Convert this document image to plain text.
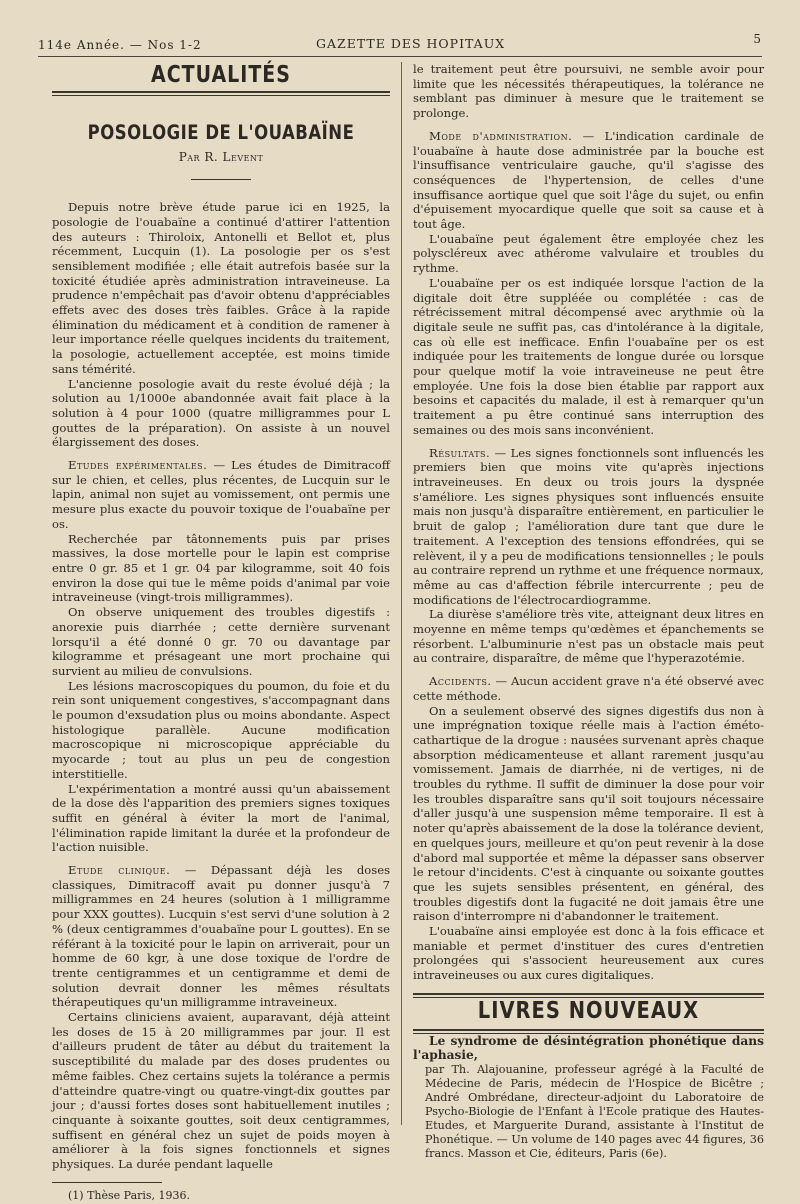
114e Année. — Nos 1-2	GAZETTE DES HOPITAUX	5
ACTUALITÉS
POSOLOGIE DE L'OUABAÏNE
Par R. Levent

Depuis notre brève étude parue ici en 1925, la posologie de l'ouabaïne a continué d'attirer l'attention des auteurs : Thiroloix, Antonelli et Bellot et, plus récemment, Lucquin (1). La posologie per os s'est sensiblement modifiée ; elle était autrefois basée sur la toxicité étudiée après administration intraveineuse. La prudence n'empêchait pas d'avoir obtenu d'appréciables effets avec des doses très faibles. Grâce à la rapide élimination du médicament et à condition de ramener à leur importance réelle quelques incidents du traitement, la posologie, actuellement acceptée, est moins timide sans témérité.

L'ancienne posologie avait du reste évolué déjà ; la solution au 1/1000e abandonnée avait fait place à la solution à 4 pour 1000 (quatre milligrammes pour L gouttes de la préparation). On assiste à un nouvel élargissement des doses.

Etudes expérimentales. — Les études de Dimitracoff sur le chien, et celles, plus récentes, de Lucquin sur le lapin, animal non sujet au vomissement, ont permis une mesure plus exacte du pouvoir toxique de l'ouabaïne per os.

Recherchée par tâtonnements puis par prises massives, la dose mortelle pour le lapin est comprise entre 0 gr. 85 et 1 gr. 04 par kilogramme, soit 40 fois environ la dose qui tue le même poids d'animal par voie intraveineuse (vingt-trois milligrammes).

On observe uniquement des troubles digestifs : anorexie puis diarrhée ; cette dernière survenant lorsqu'il a été donné 0 gr. 70 ou davantage par kilogramme et présageant une mort prochaine qui survient au milieu de convulsions.

Les lésions macroscopiques du poumon, du foie et du rein sont uniquement congestives, s'accompagnant dans le poumon d'exsudation plus ou moins abondante. Aspect histologique parallèle. Aucune modification macroscopique ni microscopique appréciable du myocarde ; tout au plus un peu de congestion interstitielle.

L'expérimentation a montré aussi qu'un abaissement de la dose dès l'apparition des premiers signes toxiques suffit en général à éviter la mort de l'animal, l'élimination rapide limitant la durée et la profondeur de l'action nuisible.

Etude clinique. — Dépassant déjà les doses classiques, Dimitracoff avait pu donner jusqu'à 7 milligrammes en 24 heures (solution à 1 milligramme pour XXX gouttes). Lucquin s'est servi d'une solution à 2 % (deux centigrammes d'ouabaïne pour L gouttes). En se référant à la toxicité pour le lapin on arriverait, pour un homme de 60 kgr, à une dose toxique de l'ordre de trente centigrammes et un centigramme et demi de solution devrait donner les mêmes résultats thérapeutiques qu'un milligramme intraveineux.

Certains cliniciens avaient, auparavant, déjà atteint les doses de 15 à 20 milligrammes par jour. Il est d'ailleurs prudent de tâter au début du traitement la susceptibilité du malade par des doses prudentes ou même faibles. Chez certains sujets la tolérance a permis d'atteindre quatre-vingt ou quatre-vingt-dix gouttes par jour ; d'aussi fortes doses sont habituellement inutiles ; cinquante à soixante gouttes, soit deux centigrammes, suffisent en général chez un sujet de poids moyen à améliorer à la fois signes fonctionnels et signes physiques. La durée pendant laquelle

(1) Thèse Paris, 1936.

le traitement peut être poursuivi, ne semble avoir pour limite que les nécessités thérapeutiques, la tolérance ne semblant pas diminuer à mesure que le traitement se prolonge.

Mode d'administration. — L'indication cardinale de l'ouabaïne à haute dose administrée par la bouche est l'insuffisance ventriculaire gauche, qu'il s'agisse des conséquences de l'hypertension, de celles d'une insuffisance aortique quel que soit l'âge du sujet, ou enfin d'épuisement myocardique quelle que soit sa cause et à tout âge.

L'ouabaïne peut également être employée chez les polyscléreux avec athérome valvulaire et troubles du rythme.

L'ouabaïne per os est indiquée lorsque l'action de la digitale doit être suppléée ou complétée : cas de rétrécissement mitral décompensé avec arythmie où la digitale seule ne suffit pas, cas d'intolérance à la digitale, cas où elle est inefficace. Enfin l'ouabaïne per os est indiquée pour les traitements de longue durée ou lorsque pour quelque motif la voie intraveineuse ne peut être employée. Une fois la dose bien établie par rapport aux besoins et capacités du malade, il est à remarquer qu'un traitement a pu être continué sans interruption des semaines ou des mois sans inconvénient.

Résultats. — Les signes fonctionnels sont influencés les premiers bien que moins vite qu'après injections intraveineuses. En deux ou trois jours la dyspnée s'améliore. Les signes physiques sont influencés ensuite mais non jusqu'à disparaître entièrement, en particulier le bruit de galop ; l'amélioration dure tant que dure le traitement. A l'exception des tensions effondrées, qui se relèvent, il y a peu de modifications tensionnelles ; le pouls au contraire reprend un rythme et une fréquence normaux, même au cas d'affection fébrile intercurrente ; peu de modifications de l'électrocardiogramme.

La diurèse s'améliore très vite, atteignant deux litres en moyenne en même temps qu'œdèmes et épanchements se résorbent. L'albuminurie n'est pas un obstacle mais peut au contraire, disparaître, de même que l'hyperazotémie.

Accidents. — Aucun accident grave n'a été observé avec cette méthode.

On a seulement observé des signes digestifs dus non à une imprégnation toxique réelle mais à l'action éméto-cathartique de la drogue : nausées survenant après chaque absorption médicamenteuse et allant rarement jusqu'au vomissement. Jamais de diarrhée, ni de vertiges, ni de troubles du rythme. Il suffit de diminuer la dose pour voir les troubles disparaître sans qu'il soit toujours nécessaire d'aller jusqu'à une suspension même temporaire. Il est à noter qu'après abaissement de la dose la tolérance devient, en quelques jours, meilleure et qu'on peut revenir à la dose d'abord mal supportée et même la dépasser sans observer le retour d'incidents. C'est à cinquante ou soixante gouttes que les sujets sensibles présentent, en général, des troubles digestifs dont la fugacité ne doit jamais être une raison d'interrompre ni d'abandonner le traitement.

L'ouabaïne ainsi employée est donc à la fois efficace et maniable et permet d'instituer des cures d'entretien prolongées qui s'associent heureusement aux cures intraveineuses ou aux cures digitaliques.

LIVRES NOUVEAUX

Le syndrome de désintégration phonétique dans l'aphasie,

par Th. Alajouanine, professeur agrégé à la Faculté de Médecine de Paris, médecin de l'Hospice de Bicêtre ; André Ombrédane, directeur-adjoint du Laboratoire de Psycho-Biologie de l'Enfant à l'Ecole pratique des Hautes-Etudes, et Marguerite Durand, assistante à l'Institut de Phonétique. — Un volume de 140 pages avec 44 figures, 36 francs. Masson et Cie, éditeurs, Paris (6e).
